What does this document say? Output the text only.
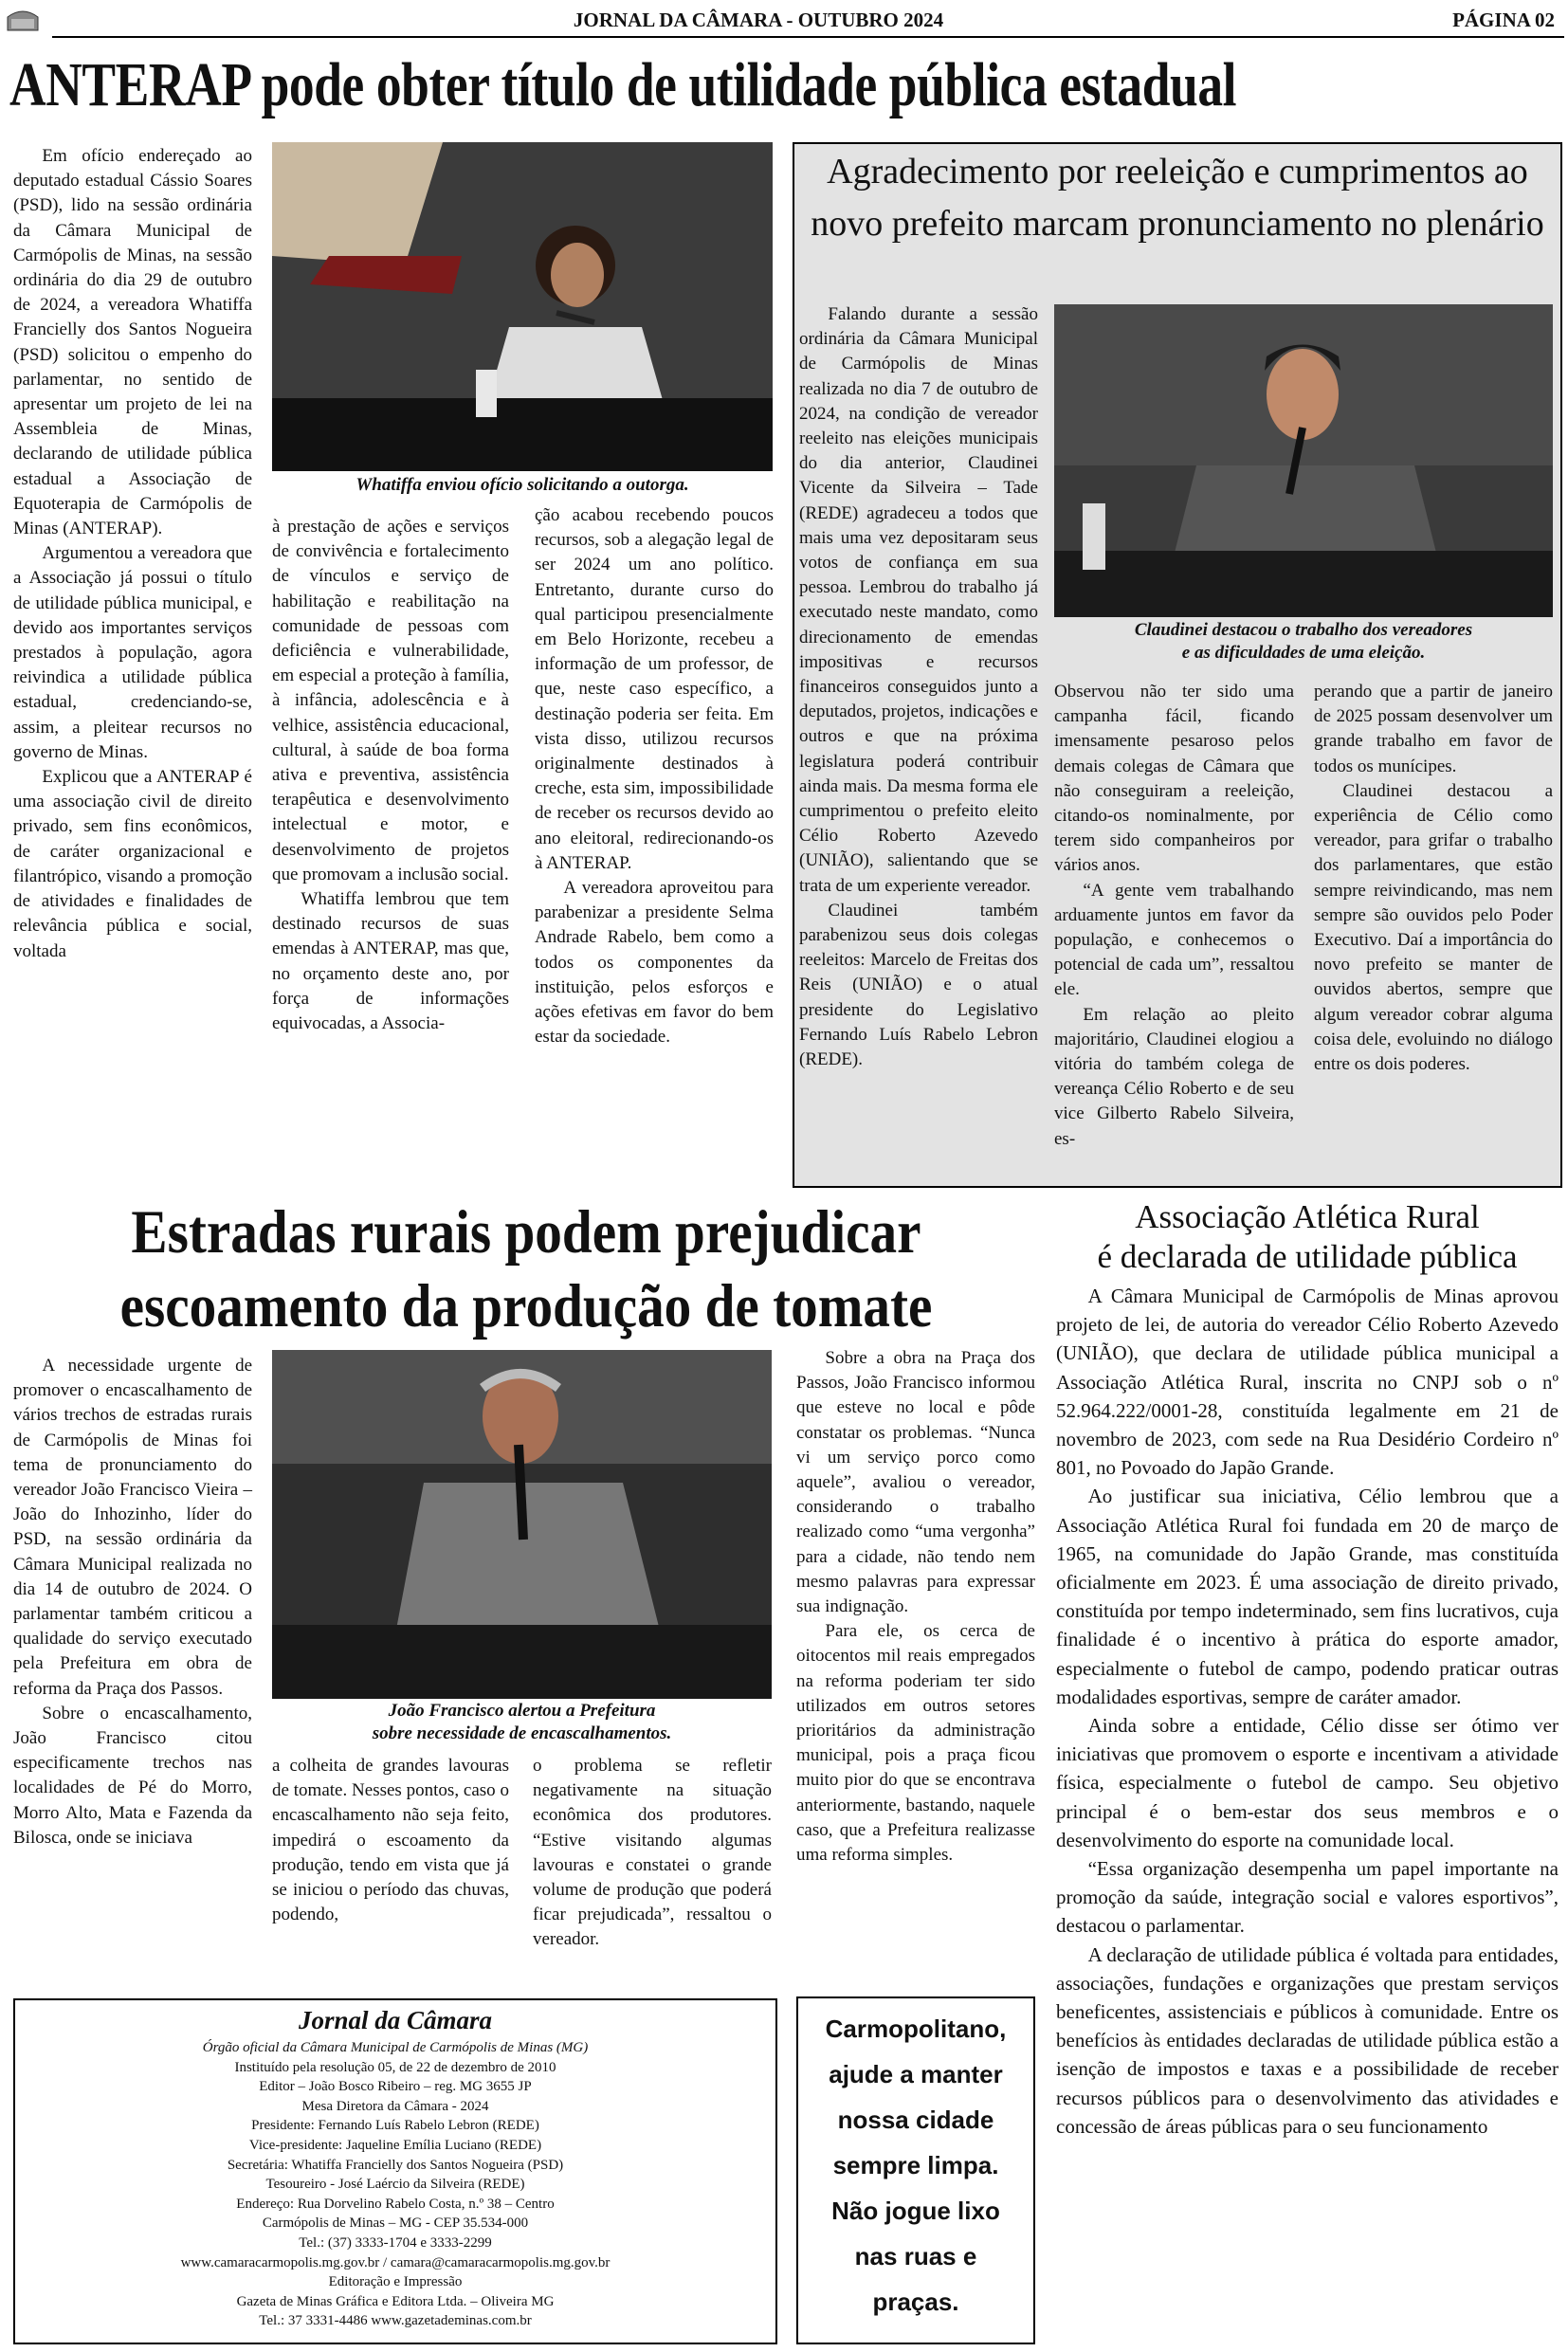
JORNAL DA CÂMARA - OUTUBRO 2024	PÁGINA 02
ANTERAP pode obter título de utilidade pública estadual
Whatiffa enviou ofício solicitando a outorga.

Em ofício endereçado ao deputado estadual Cássio Soares (PSD), lido na sessão ordinária da Câmara Municipal de Carmópolis de Minas, na sessão ordinária do dia 29 de outubro de 2024, a vereadora Whatiffa Francielly dos Santos Nogueira (PSD) solicitou o empenho do parlamentar, no sentido de apresentar um projeto de lei na Assembleia de Minas, declarando de utilidade pública estadual a Associação de Equoterapia de Carmópolis de Minas (ANTERAP).

Argumentou a vereadora que a Associação já possui o título de utilidade pública municipal, e devido aos importantes serviços prestados à população, agora reivindica a utilidade pública estadual, credenciando-se, assim, a pleitear recursos no governo de Minas.

Explicou que a ANTERAP é uma associação civil de direito privado, sem fins econômicos, de caráter organizacional e filantrópico, visando a promoção de atividades e finalidades de relevância pública e social, voltada

à prestação de ações e serviços de convivência e fortalecimento de vínculos e serviço de habilitação e reabilitação na comunidade de pessoas com deficiência e vulnerabilidade, em especial a proteção à família, à infância, adolescência e à velhice, assistência educacional, cultural, à saúde de boa forma ativa e preventiva, assistência terapêutica e desenvolvimento intelectual e motor, e desenvolvimento de projetos que promovam a inclusão social.

Whatiffa lembrou que tem destinado recursos de suas emendas à ANTERAP, mas que, no orçamento deste ano, por força de informações equivocadas, a Associa-

ção acabou recebendo poucos recursos, sob a alegação legal de ser 2024 um ano político. Entretanto, durante curso do qual participou presencialmente em Belo Horizonte, recebeu a informação de um professor, de que, neste caso específico, a destinação poderia ser feita. Em vista disso, utilizou recursos originalmente destinados à creche, esta sim, impossibilidade de receber os recursos devido ao ano eleitoral, redirecionando-os à ANTERAP.

A vereadora aproveitou para parabenizar a presidente Selma Andrade Rabelo, bem como a todos os componentes da instituição, pelos esforços e ações efetivas em favor do bem estar da sociedade.

Agradecimento por reeleição e cumprimentos ao novo prefeito marcam pronunciamento no plenário
Claudinei destacou o trabalho dos vereadores
e as dificuldades de uma eleição.

Falando durante a sessão ordinária da Câmara Municipal de Carmópolis de Minas realizada no dia 7 de outubro de 2024, na condição de vereador reeleito nas eleições municipais do dia anterior, Claudinei Vicente da Silveira – Tade (REDE) agradeceu a todos que mais uma vez depositaram seus votos de confiança em sua pessoa. Lembrou do trabalho já executado neste mandato, como direcionamento de emendas impositivas e recursos financeiros conseguidos junto a deputados, projetos, indicações e outros e que na próxima legislatura poderá contribuir ainda mais. Da mesma forma ele cumprimentou o prefeito eleito Célio Roberto Azevedo (UNIÃO), salientando que se trata de um experiente vereador.

Claudinei também parabenizou seus dois colegas reeleitos: Marcelo de Freitas dos Reis (UNIÃO) e o atual presidente do Legislativo Fernando Luís Rabelo Lebron (REDE).

Observou não ter sido uma campanha fácil, ficando imensamente pesaroso pelos demais colegas de Câmara que não conseguiram a reeleição, citando-os nominalmente, por terem sido companheiros por vários anos.

“A gente vem trabalhando arduamente juntos em favor da população, e conhecemos o potencial de cada um”, ressaltou ele.

Em relação ao pleito majoritário, Claudinei elogiou a vitória do também colega de vereança Célio Roberto e de seu vice Gilberto Rabelo Silveira, es-

perando que a partir de janeiro de 2025 possam desenvolver um grande trabalho em favor de todos os munícipes.

Claudinei destacou a experiência de Célio como vereador, para grifar o trabalho dos parlamentares, que estão sempre reivindicando, mas nem sempre são ouvidos pelo Poder Executivo. Daí a importância do novo prefeito se manter de ouvidos abertos, sempre que algum vereador cobrar alguma coisa dele, evoluindo no diálogo entre os dois poderes.

Estradas rurais podem prejudicar
escoamento da produção de tomate
João Francisco alertou a Prefeitura
sobre necessidade de encascalhamentos.

A necessidade urgente de promover o encascalhamento de vários trechos de estradas rurais de Carmópolis de Minas foi tema de pronunciamento do vereador João Francisco Vieira – João do Inhozinho, líder do PSD, na sessão ordinária da Câmara Municipal realizada no dia 14 de outubro de 2024. O parlamentar também criticou a qualidade do serviço executado pela Prefeitura em obra de reforma da Praça dos Passos.

Sobre o encascalhamento, João Francisco citou especificamente trechos nas localidades de Pé do Morro, Morro Alto, Mata e Fazenda da Bilosca, onde se iniciava

a colheita de grandes lavouras de tomate. Nesses pontos, caso o encascalhamento não seja feito, impedirá o escoamento da produção, tendo em vista que já se iniciou o período das chuvas, podendo,

o problema se refletir negativamente na situação econômica dos produtores. “Estive visitando algumas lavouras e constatei o grande volume de produção que poderá ficar prejudicada”, ressaltou o vereador.

Sobre a obra na Praça dos Passos, João Francisco informou que esteve no local e pôde constatar os problemas. “Nunca vi um serviço porco como aquele”, avaliou o vereador, considerando o trabalho realizado como “uma vergonha” para a cidade, não tendo nem mesmo palavras para expressar sua indignação.

Para ele, os cerca de oitocentos mil reais empregados na reforma poderiam ter sido utilizados em outros setores prioritários da administração municipal, pois a praça ficou muito pior do que se encontrava anteriormente, bastando, naquele caso, que a Prefeitura realizasse uma reforma simples.

Associação Atlética Rural
é declarada de utilidade pública

A Câmara Municipal de Carmópolis de Minas aprovou projeto de lei, de autoria do vereador Célio Roberto Azevedo (UNIÃO), que declara de utilidade pública municipal a Associação Atlética Rural, inscrita no CNPJ sob o nº 52.964.222/0001-28, constituída legalmente em 21 de novembro de 2023, com sede na Rua Desidério Cordeiro nº 801, no Povoado do Japão Grande.

Ao justificar sua iniciativa, Célio lembrou que a Associação Atlética Rural foi fundada em 20 de março de 1965, na comunidade do Japão Grande, mas constituída oficialmente em 2023. É uma associação de direito privado, constituída por tempo indeterminado, sem fins lucrativos, cuja finalidade é o incentivo à prática do esporte amador, especialmente o futebol de campo, podendo praticar outras modalidades esportivas, sempre de caráter amador.

Ainda sobre a entidade, Célio disse ser ótimo ver iniciativas que promovem o esporte e incentivam a atividade física, especialmente o futebol de campo. Seu objetivo principal é o bem-estar dos seus membros e o desenvolvimento do esporte na comunidade local.

“Essa organização desempenha um papel importante na promoção da saúde, integração social e valores esportivos”, destacou o parlamentar.

A declaração de utilidade pública é voltada para entidades, associações, fundações e organizações que prestam serviços beneficentes, assistenciais e públicos à comunidade. Entre os benefícios às entidades declaradas de utilidade pública estão a isenção de impostos e taxas e a possibilidade de receber recursos públicos para o desenvolvimento das atividades e concessão de áreas públicas para o seu funcionamento

Jornal da Câmara
Órgão oficial da Câmara Municipal de Carmópolis de Minas (MG)
Instituído pela resolução 05, de 22 de dezembro de 2010
Editor – João Bosco Ribeiro – reg. MG 3655 JP
Mesa Diretora da Câmara - 2024
Presidente: Fernando Luís Rabelo Lebron (REDE)
Vice-presidente: Jaqueline Emília Luciano (REDE)
Secretária: Whatiffa Francielly dos Santos Nogueira (PSD)
Tesoureiro - José Laércio da Silveira (REDE)
Endereço: Rua Dorvelino Rabelo Costa, n.º 38 – Centro
Carmópolis de Minas – MG - CEP 35.534-000
Tel.: (37) 3333-1704 e 3333-2299
www.camaracarmopolis.mg.gov.br / camara@camaracarmopolis.mg.gov.br
Editoração e Impressão
Gazeta de Minas Gráfica e Editora Ltda. – Oliveira MG
Tel.: 37 3331-4486 www.gazetademinas.com.br
Carmopolitano,
ajude a manter
nossa cidade
sempre limpa.
Não jogue lixo
nas ruas e
praças.
